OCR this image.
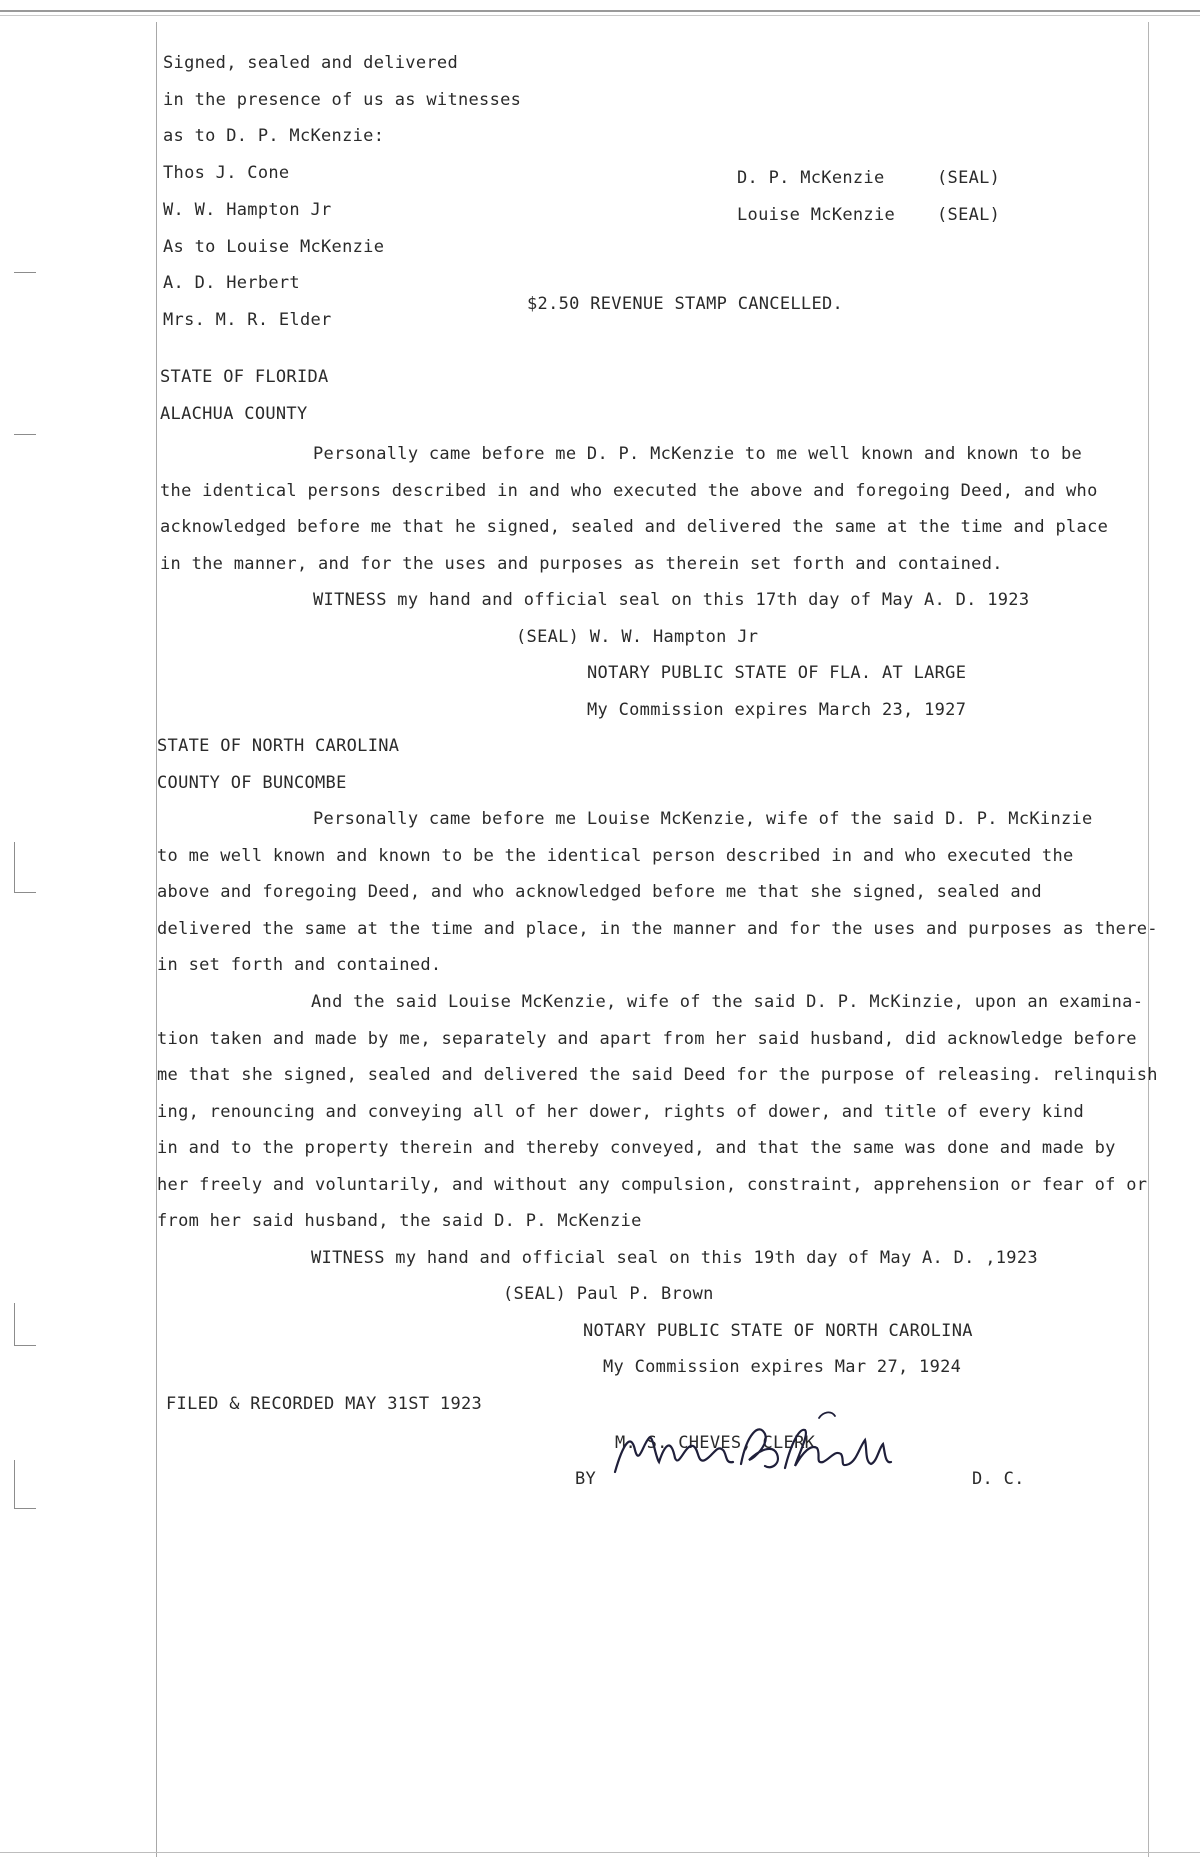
Signed, sealed and delivered
in the presence of us as witnesses
as to D. P. McKenzie:
Thos J. Cone
W. W. Hampton Jr
As to Louise McKenzie
A. D. Herbert
Mrs. M. R. Elder
D. P. McKenzie	(SEAL)
Louise McKenzie (SEAL)
$2.50 REVENUE STAMP CANCELLED.
STATE OF FLORIDA
ALACHUA COUNTY
Personally came before me D. P. McKenzie to me well known and known to be
the identical persons described in and who executed the above and foregoing Deed, and who
acknowledged before me that he signed, sealed and delivered the same at the time and place
in the manner, and for the uses and purposes as therein set forth and contained.
WITNESS my hand and official seal on this 17th day of May A. D. 1923
(SEAL) W. W. Hampton Jr
NOTARY PUBLIC STATE OF FLA. AT LARGE
My Commission expires March 23, 1927
STATE OF NORTH CAROLINA
COUNTY OF BUNCOMBE
Personally came before me Louise McKenzie, wife of the said D. P. McKinzie
to me well known and known to be the identical person described in and who executed the
above and foregoing Deed, and who acknowledged before me that she signed, sealed and
delivered the same at the time and place, in the manner and for the uses and purposes as there-
in set forth and contained.
And the said Louise McKenzie, wife of the said D. P. McKinzie, upon an examina-
tion taken and made by me, separately and apart from her said husband, did acknowledge before
me that she signed, sealed and delivered the said Deed for the purpose of releasing. relinquish
ing, renouncing and conveying all of her dower, rights of dower, and title of every kind
in and to the property therein and thereby conveyed, and that the same was done and made by
her freely and voluntarily, and without any compulsion, constraint, apprehension or fear of or
from her said husband, the said D. P. McKenzie
WITNESS my hand and official seal on this 19th day of May A. D. ,1923
(SEAL) Paul P. Brown
NOTARY PUBLIC STATE OF NORTH CAROLINA
My Commission expires Mar 27, 1924
FILED & RECORDED MAY 31ST 1923
M. S. CHEVES, CLERK
BY	D. C.
